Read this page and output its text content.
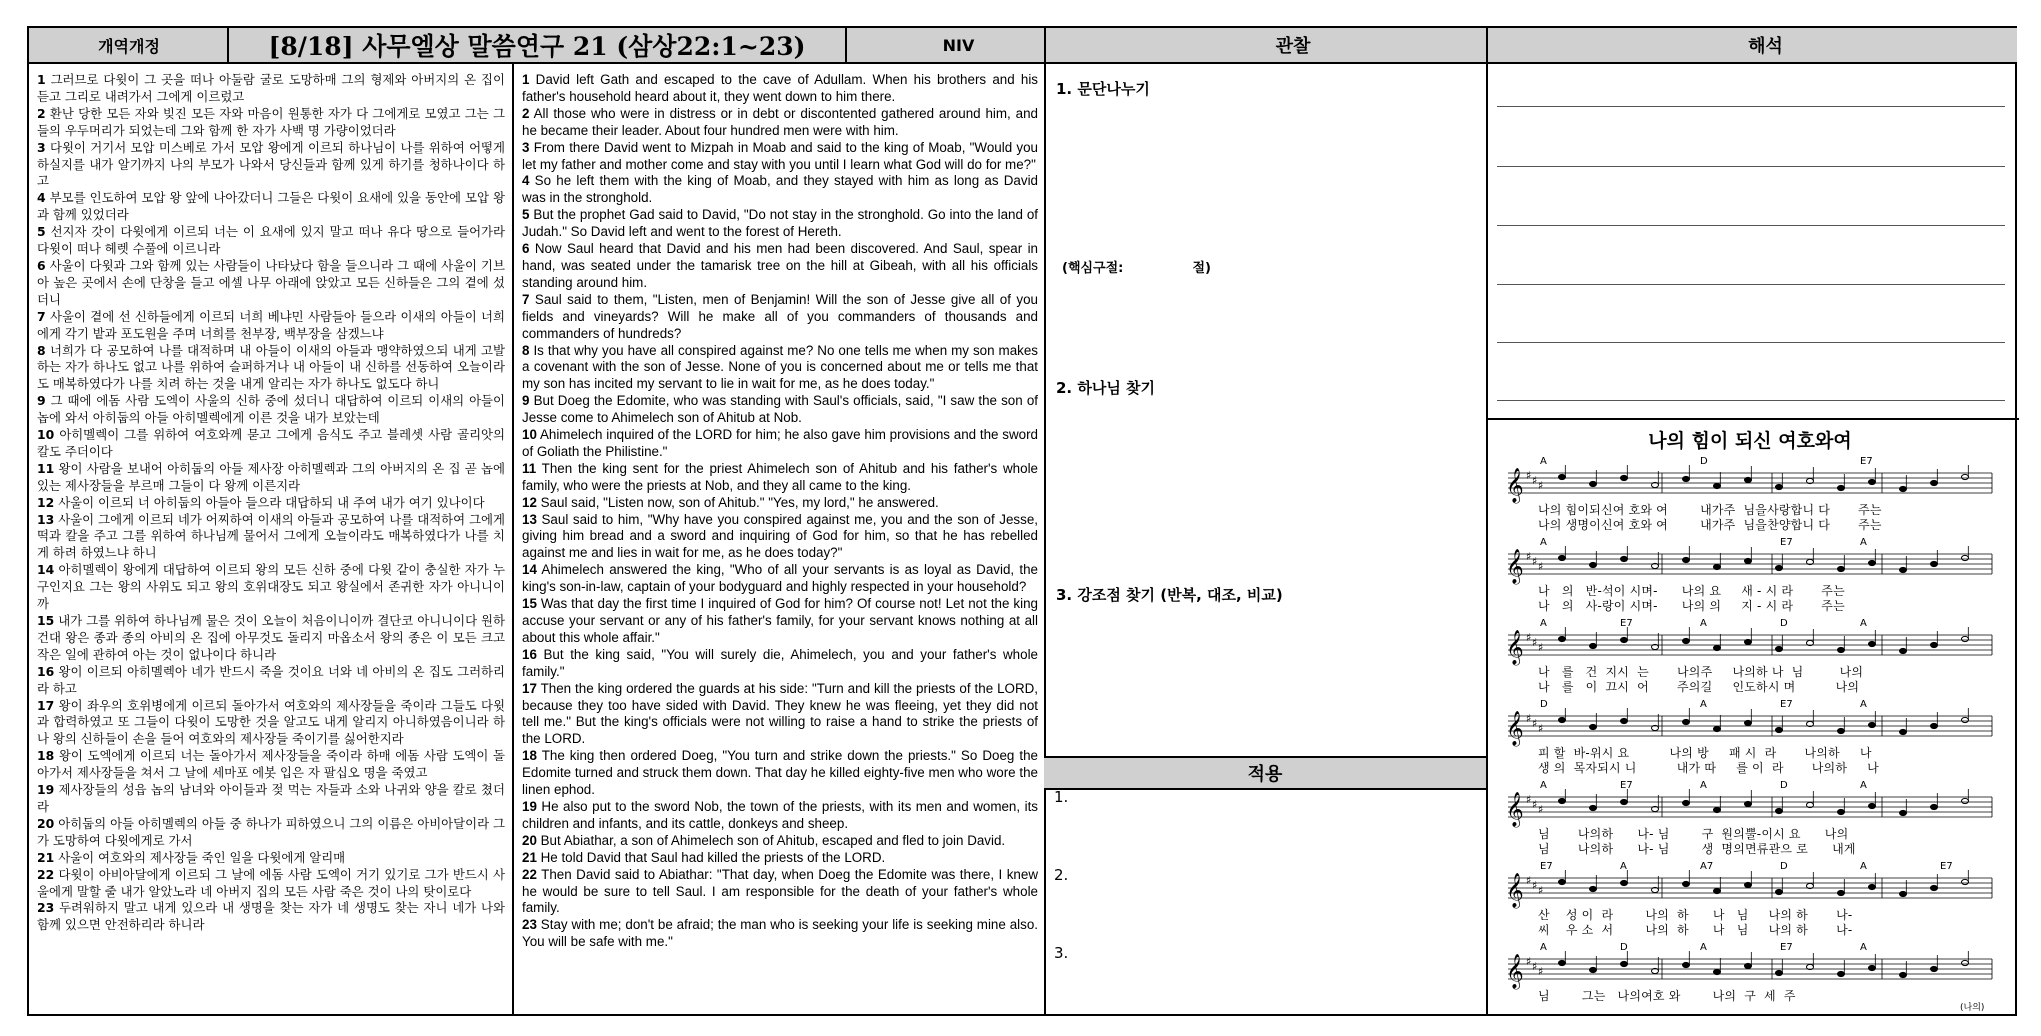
개역개정	[8/18] 사무엘상 말씀연구 21 (삼상22:1~23)	NIV	관찰	해석

1 그러므로 다윗이 그 곳을 떠나 아둘람 굴로 도망하매 그의 형제와 아버지의 온 집이 듣고 그리로 내려가서 그에게 이르렀고

2 환난 당한 모든 자와 빚진 모든 자와 마음이 원통한 자가 다 그에게로 모였고 그는 그들의 우두머리가 되었는데 그와 함께 한 자가 사백 명 가량이었더라

3 다윗이 거기서 모압 미스베로 가서 모압 왕에게 이르되 하나님이 나를 위하여 어떻게 하실지를 내가 알기까지 나의 부모가 나와서 당신들과 함께 있게 하기를 청하나이다 하고

4 부모를 인도하여 모압 왕 앞에 나아갔더니 그들은 다윗이 요새에 있을 동안에 모압 왕과 함께 있었더라

5 선지자 갓이 다윗에게 이르되 너는 이 요새에 있지 말고 떠나 유다 땅으로 들어가라 다윗이 떠나 헤렛 수풀에 이르니라

6 사울이 다윗과 그와 함께 있는 사람들이 나타났다 함을 들으니라 그 때에 사울이 기브아 높은 곳에서 손에 단창을 들고 에셀 나무 아래에 앉았고 모든 신하들은 그의 곁에 섰더니

7 사울이 곁에 선 신하들에게 이르되 너희 베냐민 사람들아 들으라 이새의 아들이 너희에게 각기 밭과 포도원을 주며 너희를 천부장, 백부장을 삼겠느냐

8 너희가 다 공모하여 나를 대적하며 내 아들이 이새의 아들과 맹약하였으되 내게 고발하는 자가 하나도 없고 나를 위하여 슬퍼하거나 내 아들이 내 신하를 선동하여 오늘이라도 매복하였다가 나를 치려 하는 것을 내게 알리는 자가 하나도 없도다 하니

9 그 때에 에돔 사람 도엑이 사울의 신하 중에 섰더니 대답하여 이르되 이새의 아들이 놉에 와서 아히둡의 아들 아히멜렉에게 이른 것을 내가 보았는데

10 아히멜렉이 그를 위하여 여호와께 묻고 그에게 음식도 주고 블레셋 사람 골리앗의 칼도 주더이다

11 왕이 사람을 보내어 아히둡의 아들 제사장 아히멜렉과 그의 아버지의 온 집 곧 놉에 있는 제사장들을 부르매 그들이 다 왕께 이른지라

12 사울이 이르되 너 아히둡의 아들아 들으라 대답하되 내 주여 내가 여기 있나이다

13 사울이 그에게 이르되 네가 어찌하여 이새의 아들과 공모하여 나를 대적하여 그에게 떡과 칼을 주고 그를 위하여 하나님께 물어서 그에게 오늘이라도 매복하였다가 나를 치게 하려 하였느냐 하니

14 아히멜렉이 왕에게 대답하여 이르되 왕의 모든 신하 중에 다윗 같이 충실한 자가 누구인지요 그는 왕의 사위도 되고 왕의 호위대장도 되고 왕실에서 존귀한 자가 아니니이까

15 내가 그를 위하여 하나님께 물은 것이 오늘이 처음이니이까 결단코 아니니이다 원하건대 왕은 종과 종의 아비의 온 집에 아무것도 돌리지 마옵소서 왕의 종은 이 모든 크고 작은 일에 관하여 아는 것이 없나이다 하니라

16 왕이 이르되 아히멜렉아 네가 반드시 죽을 것이요 너와 네 아비의 온 집도 그러하리라 하고

17 왕이 좌우의 호위병에게 이르되 돌아가서 여호와의 제사장들을 죽이라 그들도 다윗과 합력하였고 또 그들이 다윗이 도망한 것을 알고도 내게 알리지 아니하였음이니라 하나 왕의 신하들이 손을 들어 여호와의 제사장들 죽이기를 싫어한지라

18 왕이 도엑에게 이르되 너는 돌아가서 제사장들을 죽이라 하매 에돔 사람 도엑이 돌아가서 제사장들을 쳐서 그 날에 세마포 에봇 입은 자 팔십오 명을 죽였고

19 제사장들의 성읍 놉의 남녀와 아이들과 젖 먹는 자들과 소와 나귀와 양을 칼로 쳤더라

20 아히둡의 아들 아히멜렉의 아들 중 하나가 피하였으니 그의 이름은 아비아달이라 그가 도망하여 다윗에게로 가서

21 사울이 여호와의 제사장들 죽인 일을 다윗에게 알리매

22 다윗이 아비아달에게 이르되 그 날에 에돔 사람 도엑이 거기 있기로 그가 반드시 사울에게 말할 줄 내가 알았노라 네 아버지 집의 모든 사람 죽은 것이 나의 탓이로다

23 두려워하지 말고 내게 있으라 내 생명을 찾는 자가 네 생명도 찾는 자니 네가 나와 함께 있으면 안전하리라 하니라

1 David left Gath and escaped to the cave of Adullam. When his brothers and his father's household heard about it, they went down to him there.

2 All those who were in distress or in debt or discontented gathered around him, and he became their leader. About four hundred men were with him.

3 From there David went to Mizpah in Moab and said to the king of Moab, "Would you let my father and mother come and stay with you until I learn what God will do for me?"

4 So he left them with the king of Moab, and they stayed with him as long as David was in the stronghold.

5 But the prophet Gad said to David, "Do not stay in the stronghold. Go into the land of Judah." So David left and went to the forest of Hereth.

6 Now Saul heard that David and his men had been discovered. And Saul, spear in hand, was seated under the tamarisk tree on the hill at Gibeah, with all his officials standing around him.

7 Saul said to them, "Listen, men of Benjamin! Will the son of Jesse give all of you fields and vineyards? Will he make all of you commanders of thousands and commanders of hundreds?

8 Is that why you have all conspired against me? No one tells me when my son makes a covenant with the son of Jesse. None of you is concerned about me or tells me that my son has incited my servant to lie in wait for me, as he does today."

9 But Doeg the Edomite, who was standing with Saul's officials, said, "I saw the son of Jesse come to Ahimelech son of Ahitub at Nob.

10 Ahimelech inquired of the LORD for him; he also gave him provisions and the sword of Goliath the Philistine."

11 Then the king sent for the priest Ahimelech son of Ahitub and his father's whole family, who were the priests at Nob, and they all came to the king.

12 Saul said, "Listen now, son of Ahitub." "Yes, my lord," he answered.

13 Saul said to him, "Why have you conspired against me, you and the son of Jesse, giving him bread and a sword and inquiring of God for him, so that he has rebelled against me and lies in wait for me, as he does today?"

14 Ahimelech answered the king, "Who of all your servants is as loyal as David, the king's son-in-law, captain of your bodyguard and highly respected in your household?

15 Was that day the first time I inquired of God for him? Of course not! Let not the king accuse your servant or any of his father's family, for your servant knows nothing at all about this whole affair."

16 But the king said, "You will surely die, Ahimelech, you and your father's whole family."

17 Then the king ordered the guards at his side: "Turn and kill the priests of the LORD, because they too have sided with David. They knew he was fleeing, yet they did not tell me." But the king's officials were not willing to raise a hand to strike the priests of the LORD.

18 The king then ordered Doeg, "You turn and strike down the priests." So Doeg the Edomite turned and struck them down. That day he killed eighty-five men who wore the linen ephod.

19 He also put to the sword Nob, the town of the priests, with its men and women, its children and infants, and its cattle, donkeys and sheep.

20 But Abiathar, a son of Ahimelech son of Ahitub, escaped and fled to join David.

21 He told David that Saul had killed the priests of the LORD.

22 Then David said to Abiathar: "That day, when Doeg the Edomite was there, I knew he would be sure to tell Saul. I am responsible for the death of your father's whole family.

23 Stay with me; don't be afraid; the man who is seeking your life is seeking mine also. You will be safe with me."

1. 문단나누기
(핵심구절:	절)
2. 하나님 찾기
3. 강조점 찾기 (반복, 대조, 비교)
적용
1.
2.
3.
나의 힘이 되신 여호와여
𝄞 ♯ ♯ ♯
A	D	E7
나의 힘이되신여 호와 여        내가주  님을사랑합니 다       주는
나의 생명이신여 호와 여        내가주  님을찬양합니 다       주는
𝄞 ♯ ♯ ♯
A	E7	A
나   의   반-석이 시며-      나의 요     새 - 시 라       주는
나   의   사-랑이 시며-      나의 의     지 - 시 라       주는
𝄞 ♯ ♯ ♯
A	E7	A	D	A
나   를   건  지시  는       나의주     나의하 나  님         나의
나   를   이  끄시  어       주의길     인도하시 며          나의
𝄞 ♯ ♯ ♯
D	A	E7	A
피 할  바-위시 요          나의 방     패 시  라       나의하     나
생 의  목자되시 니          내가 따     를 이  라       나의하     나
𝄞 ♯ ♯ ♯
A	E7	A	D	A
님       나의하      나- 님        구  원의뿔-이시 요      나의
님       나의하      나- 님        생  명의면류관으 로      내게
𝄞 ♯ ♯ ♯
E7	A	A7	D	A	E7
산    성 이  라        나의  하      나   님     나의 하       나-
씨    우 소  서        나의  하      나   님     나의 하       나-
𝄞 ♯ ♯ ♯
A	D	A	E7	A
님        그는   나의여호 와        나의  구  세  주
(나의)
